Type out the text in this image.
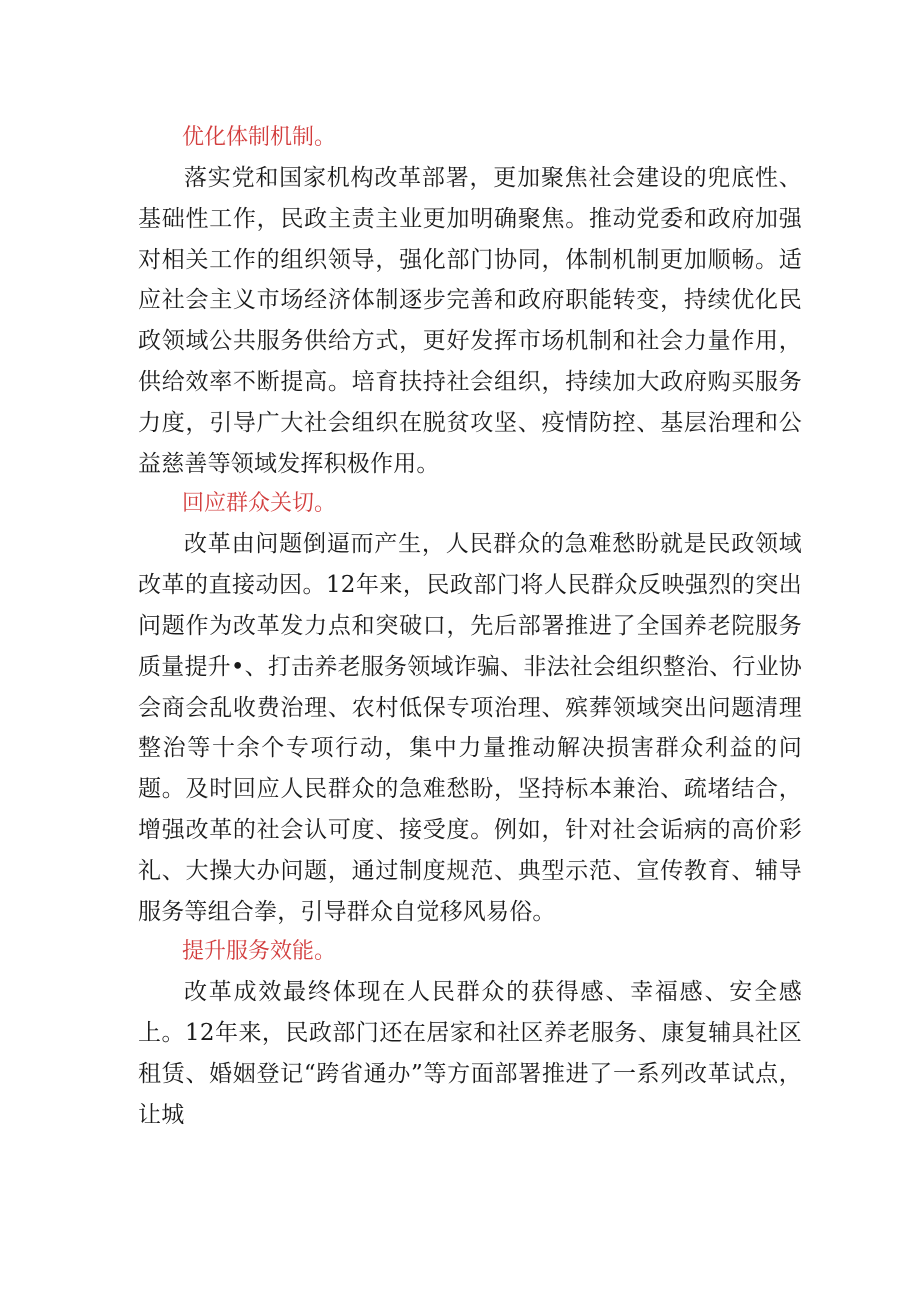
优化体制机制。

落实党和国家机构改革部署，更加聚焦社会建设的兜底性、基础性工作，民政主责主业更加明确聚焦。推动党委和政府加强对相关工作的组织领导，强化部门协同，体制机制更加顺畅。适应社会主义市场经济体制逐步完善和政府职能转变，持续优化民政领域公共服务供给方式，更好发挥市场机制和社会力量作用，供给效率不断提高。培育扶持社会组织，持续加大政府购买服务力度，引导广大社会组织在脱贫攻坚、疫情防控、基层治理和公益慈善等领域发挥积极作用。

回应群众关切。

改革由问题倒逼而产生，人民群众的急难愁盼就是民政领域改革的直接动因。12年来，民政部门将人民群众反映强烈的突出问题作为改革发力点和突破口，先后部署推进了全国养老院服务质量提升•、打击养老服务领域诈骗、非法社会组织整治、行业协会商会乱收费治理、农村低保专项治理、殡葬领域突出问题清理整治等十余个专项行动，集中力量推动解决损害群众利益的问题。及时回应人民群众的急难愁盼，坚持标本兼治、疏堵结合，增强改革的社会认可度、接受度。例如，针对社会诟病的高价彩礼、大操大办问题，通过制度规范、典型示范、宣传教育、辅导服务等组合拳，引导群众自觉移风易俗。

提升服务效能。

改革成效最终体现在人民群众的获得感、幸福感、安全感上。12年来，民政部门还在居家和社区养老服务、康复辅具社区租赁、婚姻登记“跨省通办”等方面部署推进了一系列改革试点，让城
